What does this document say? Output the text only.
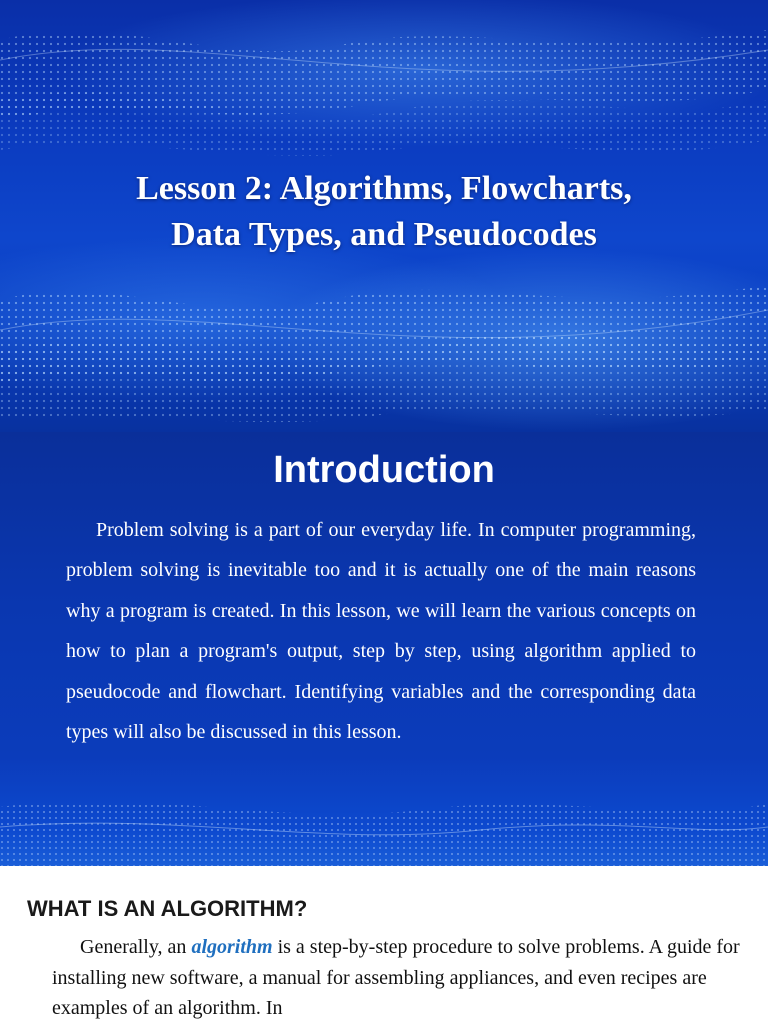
Lesson 2: Algorithms, Flowcharts,
Data Types, and Pseudocodes
Introduction

Problem solving is a part of our everyday life. In computer programming, problem solving is inevitable too and it is actually one of the main reasons why a program is created. In this lesson, we will learn the various concepts on how to plan a program's output, step by step, using algorithm applied to pseudocode and flowchart. Identifying variables and the corresponding data types will also be discussed in this lesson.

WHAT IS AN ALGORITHM?

Generally, an algorithm is a step-by-step procedure to solve problems. A guide for installing new software, a manual for assembling appliances, and even recipes are examples of an algorithm. In
